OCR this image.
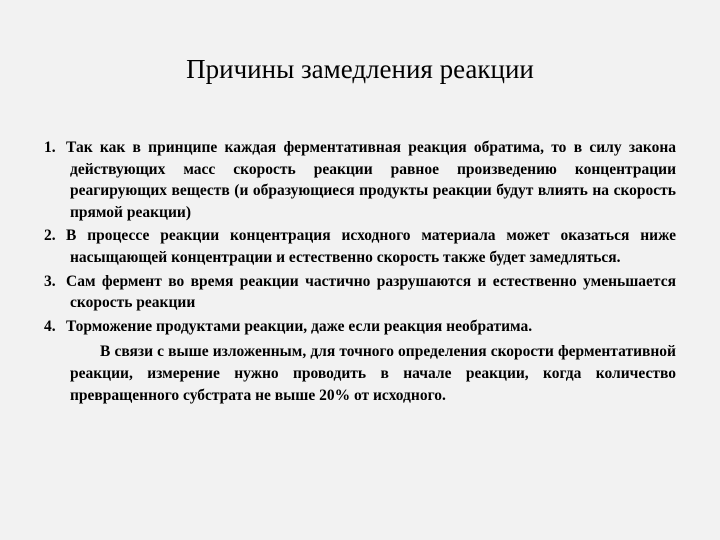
Причины замедления реакции

1. Так как в принципе каждая ферментативная реакция обратима, то в силу закона действующих масс скорость реакции равное произведению концентрации реагирующих веществ (и образующиеся продукты реакции будут влиять на скорость прямой реакции)

2. В процессе реакции концентрация исходного материала может оказаться ниже насыщающей концентрации и естественно скорость также будет замедляться.

3. Сам фермент во время реакции частично разрушаются и естественно уменьшается скорость реакции

4. Торможение продуктами реакции, даже если реакция необратима.

В связи с выше изложенным, для точного определения скорости ферментативной реакции, измерение нужно проводить в начале реакции, когда количество превращенного субстрата не выше 20% от исходного.
